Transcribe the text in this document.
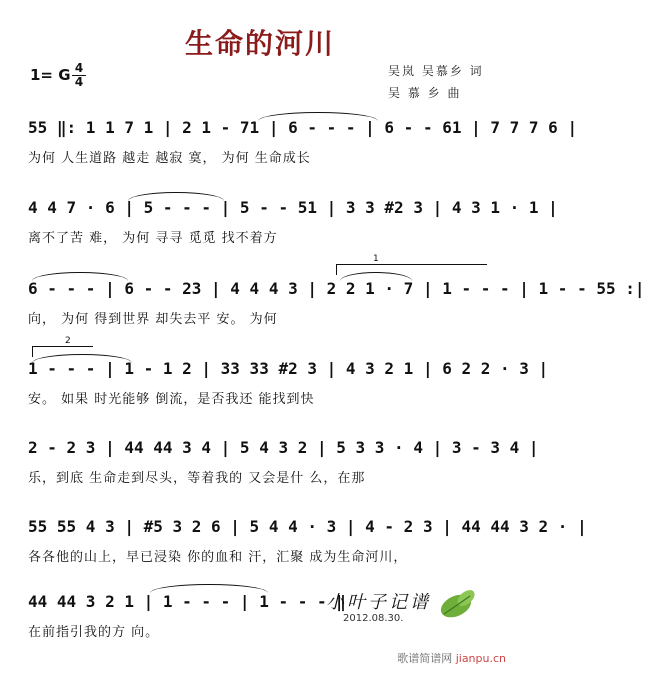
生命的河川
1= G 4
4
吴岚 吴慕乡 词
吴 慕 乡 曲
55 ‖: 1 1 7 1 | 2 1 - 71 | 6 - - - | 6 - - 61 | 7 7 7 6 |
为何 人生道路 越走 越寂 寞， 为何 生命成长
4 4 7 · 6 | 5 - - - | 5 - - 51 | 3 3 #2 3 | 4 3 1 · 1 |
离不了苦 难， 为何 寻寻 觅觅 找不着方
1
6 - - - | 6 - - 23 | 4 4 4 3 | 2 2 1 · 7 | 1 - - - | 1 - - 55 :|
向， 为何 得到世界 却失去平 安。 为何
2
1 - - - | 1 - 1 2 | 33 33 #2 3 | 4 3 2 1 | 6 2 2 · 3 |
安。 如果 时光能够 倒流，是否我还 能找到快
2 - 2 3 | 44 44 3 4 | 5 4 3 2 | 5 3 3 · 4 | 3 - 3 4 |
乐，到底 生命走到尽头，等着我的 又会是什 么，在那
55 55 4 3 | #5 3 2 6 | 5 4 4 · 3 | 4 - 2 3 | 44 44 3 2 · |
各各他的山上，早已浸染 你的血和 汗，汇聚 成为生命河川，
44 44 3 2 1 | 1 - - - | 1 - - - ‖
在前指引我的方 向。
小叶子记谱
2012.08.30.
歌谱简谱网 jianpu.cn
